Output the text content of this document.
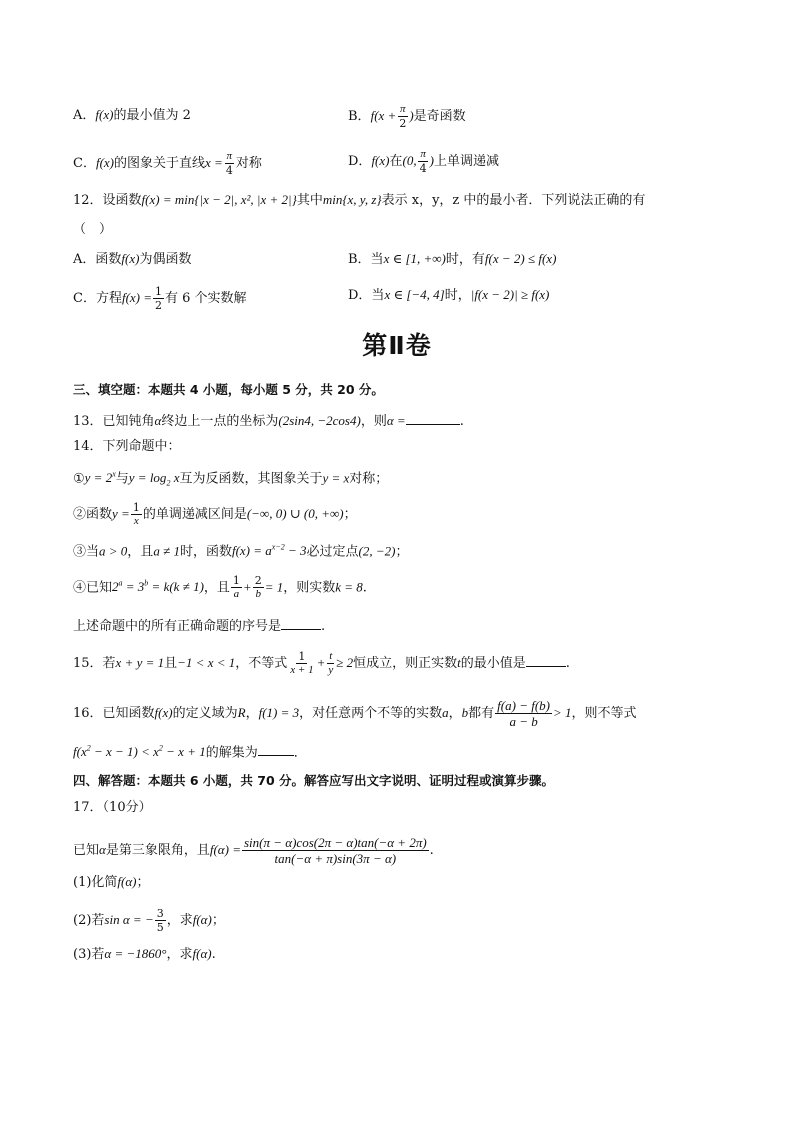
A．f(x)的最小值为 2	B．$f(x + \frac{\pi}{2}$ )是奇函数
C．f(x)的图象关于直线$x = \frac{\pi}{4}$ 对称	D．f(x)在(0, $\frac{\pi}{4}$ )上单调递减
12．设函数f(x) = min{|x − 2|, x², |x + 2|}其中min{x, y, z}表示 x，y，z 中的最小者．下列说法正确的有
（　）
A．函数f(x)为偶函数	B．当x ∈ [1, +∞)时，有f(x − 2) ≤ f(x)
C．方程$f(x) = \frac{1}{2}$ 有 6 个实数解	D．当x ∈ [−4, 4]时，|f(x − 2)| ≥ f(x)
第Ⅱ卷
三、填空题：本题共 4 小题，每小题 5 分，共 20 分。
13．已知钝角α终边上一点的坐标为(2sin4, −2cos4)，则α =	.
14．下列命题中：
①y = $2^x$与$y = \log_2 x$互为反函数，其图象关于y = x对称；
②函数$y = \frac{1}{x}$ 的单调递减区间是(−∞, 0) ∪ (0, +∞)；
③当a > 0，且a ≠ 1时，函数$f(x) = a^{x-2} - 3$必过定点(2, −2)；
④已知$2^a = 3^b = k(k \ne 1)$，且 $\frac{1}{a} + \frac{2}{b} = 1$，则实数k = 8.
上述命题中的所有正确命题的序号是	.
15．若x + y = 1且−1 < x < 1，不等式 $\frac{1}{x + 1} + \frac{t}{y} \ge 2$恒成立，则正实数t的最小值是	.
16．已知函数f(x)的定义域为R，f(1) = 3，对任意两个不等的实数a，b都有 $\frac{f(a) - f(b)}{a - b} > 1$，则不等式
$f(x^2 - x - 1) < x^2 - x + 1$的解集为	．
四、解答题：本题共 6 小题，共 70 分。解答应写出文字说明、证明过程或演算步骤。
17．（10分）
已知α是第三象限角，且$f(\alpha) = \frac{\sin(\pi - \alpha)\cos(2\pi - \alpha)\tan(-\alpha + 2\pi)}{\tan(-\alpha + \pi)\sin(3\pi - \alpha)}$ .
(1)化简f(α)；
(2)若sin α = − $\frac{3}{5}$ ，求f(α)；
(3)若α = −1860°，求f(α).
